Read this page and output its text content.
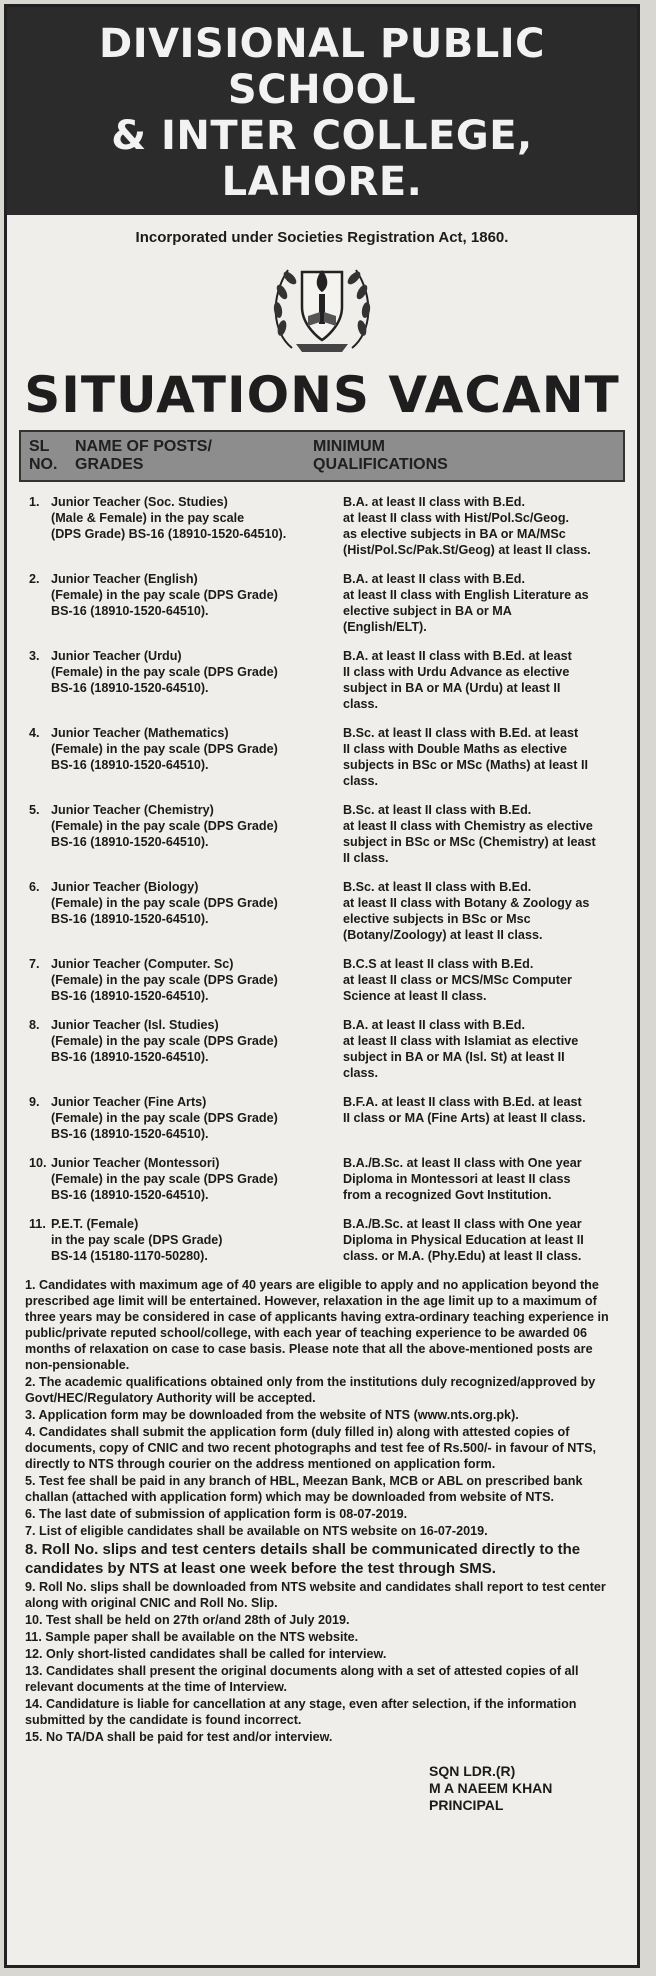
DIVISIONAL PUBLIC SCHOOL
& INTER COLLEGE, LAHORE.
Incorporated under Societies Registration Act, 1860.
SITUATIONS VACANT
SL
NO.
NAME OF POSTS/
GRADES
MINIMUM
QUALIFICATIONS
1. Junior Teacher (Soc. Studies)
(Male & Female) in the pay scale
(DPS Grade) BS-16 (18910-1520-64510).
B.A. at least II class with B.Ed.
at least II class with Hist/Pol.Sc/Geog.
as elective subjects in BA or MA/MSc
(Hist/Pol.Sc/Pak.St/Geog) at least II class.
2. Junior Teacher (English)
(Female) in the pay scale (DPS Grade)
BS-16 (18910-1520-64510).
B.A. at least II class with B.Ed.
at least II class with English Literature as
elective subject in BA or MA
(English/ELT).
3. Junior Teacher (Urdu)
(Female) in the pay scale (DPS Grade)
BS-16 (18910-1520-64510).
B.A. at least II class with B.Ed. at least
II class with Urdu Advance as elective
subject in BA or MA (Urdu) at least II
class.
4. Junior Teacher (Mathematics)
(Female) in the pay scale (DPS Grade)
BS-16 (18910-1520-64510).
B.Sc. at least II class with B.Ed. at least
II class with Double Maths as elective
subjects in BSc or MSc (Maths) at least II
class.
5. Junior Teacher (Chemistry)
(Female) in the pay scale (DPS Grade)
BS-16 (18910-1520-64510).
B.Sc. at least II class with B.Ed.
at least II class with Chemistry as elective
subject in BSc or MSc (Chemistry) at least
II class.
6. Junior Teacher (Biology)
(Female) in the pay scale (DPS Grade)
BS-16 (18910-1520-64510).
B.Sc. at least II class with B.Ed.
at least II class with Botany & Zoology as
elective subjects in BSc or Msc
(Botany/Zoology) at least II class.
7. Junior Teacher (Computer. Sc)
(Female) in the pay scale (DPS Grade)
BS-16 (18910-1520-64510).
B.C.S at least II class with B.Ed.
at least II class or MCS/MSc Computer
Science at least II class.
8. Junior Teacher (Isl. Studies)
(Female) in the pay scale (DPS Grade)
BS-16 (18910-1520-64510).
B.A. at least II class with B.Ed.
at least II class with Islamiat as elective
subject in BA or MA (Isl. St) at least II
class.
9. Junior Teacher (Fine Arts)
(Female) in the pay scale (DPS Grade)
BS-16 (18910-1520-64510).
B.F.A. at least II class with B.Ed. at least
II class or MA (Fine Arts) at least II class.
10. Junior Teacher (Montessori)
(Female) in the pay scale (DPS Grade)
BS-16 (18910-1520-64510).
B.A./B.Sc. at least II class with One year
Diploma in Montessori at least II class
from a recognized Govt Institution.
11. P.E.T. (Female)
in the pay scale (DPS Grade)
BS-14 (15180-1170-50280).
B.A./B.Sc. at least II class with One year
Diploma in Physical Education at least II
class. or M.A. (Phy.Edu) at least II class.

1. Candidates with maximum age of 40 years are eligible to apply and no application beyond the prescribed age limit will be entertained. However, relaxation in the age limit up to a maximum of three years may be considered in case of applicants having extra-ordinary teaching experience in public/private reputed school/college, with each year of teaching experience to be awarded 06 months of relaxation on case to case basis. Please note that all the above-mentioned posts are non-pensionable.

2. The academic qualifications obtained only from the institutions duly recognized/approved by Govt/HEC/Regulatory Authority will be accepted.

3. Application form may be downloaded from the website of NTS (www.nts.org.pk).

4. Candidates shall submit the application form (duly filled in) along with attested copies of documents, copy of CNIC and two recent photographs and test fee of Rs.500/- in favour of NTS, directly to NTS through courier on the address mentioned on application form.

5. Test fee shall be paid in any branch of HBL, Meezan Bank, MCB or ABL on prescribed bank challan (attached with application form) which may be downloaded from website of NTS.

6. The last date of submission of application form is 08-07-2019.

7. List of eligible candidates shall be available on NTS website on 16-07-2019.

8. Roll No. slips and test centers details shall be communicated directly to the candidates by NTS at least one week before the test through SMS.

9. Roll No. slips shall be downloaded from NTS website and candidates shall report to test center along with original CNIC and Roll No. Slip.

10. Test shall be held on 27th or/and 28th of July 2019.

11. Sample paper shall be available on the NTS website.

12. Only short-listed candidates shall be called for interview.

13. Candidates shall present the original documents along with a set of attested copies of all relevant documents at the time of Interview.

14. Candidature is liable for cancellation at any stage, even after selection, if the information submitted by the candidate is found incorrect.

15. No TA/DA shall be paid for test and/or interview.

SQN LDR.(R)
M A NAEEM KHAN
PRINCIPAL
